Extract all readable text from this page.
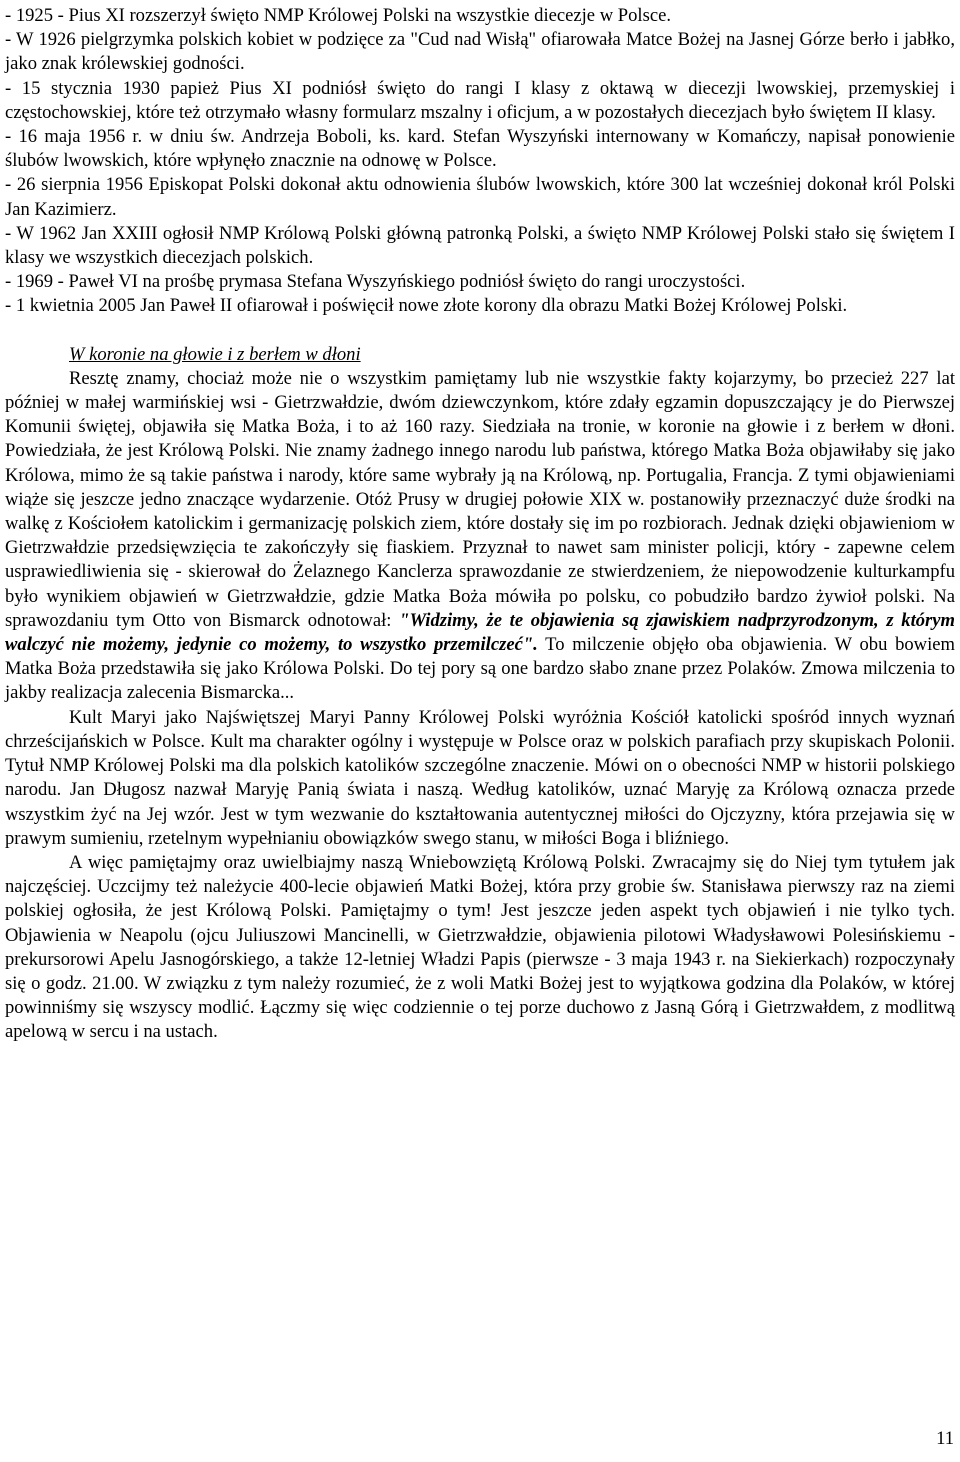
- 1925 - Pius XI rozszerzył święto NMP Królowej Polski na wszystkie diecezje w Polsce.

- W 1926 pielgrzymka polskich kobiet w podzięce za "Cud nad Wisłą" ofiarowała Matce Bożej na Jasnej Górze berło i jabłko, jako znak królewskiej godności.

- 15 stycznia 1930 papież Pius XI podniósł święto do rangi I klasy z oktawą w diecezji lwowskiej, przemyskiej i częstochowskiej, które też otrzymało własny formularz mszalny i oficjum, a w pozostałych diecezjach było świętem II klasy.

- 16 maja 1956 r. w dniu św. Andrzeja Boboli, ks. kard. Stefan Wyszyński internowany w Komańczy, napisał ponowienie ślubów lwowskich, które wpłynęło znacznie na odnowę w Polsce.

- 26 sierpnia 1956 Episkopat Polski dokonał aktu odnowienia ślubów lwowskich, które 300 lat wcześniej dokonał król Polski Jan Kazimierz.

- W 1962 Jan XXIII ogłosił NMP Królową Polski główną patronką Polski, a święto NMP Królowej Polski stało się świętem I klasy we wszystkich diecezjach polskich.

- 1969 - Paweł VI na prośbę prymasa Stefana Wyszyńskiego podniósł święto do rangi uroczystości.

- 1 kwietnia 2005 Jan Paweł II ofiarował i poświęcił nowe złote korony dla obrazu Matki Bożej Królowej Polski.

W koronie na głowie i z berłem w dłoni

Resztę znamy, chociaż może nie o wszystkim pamiętamy lub nie wszystkie fakty kojarzymy, bo przecież 227 lat później w małej warmińskiej wsi - Gietrzwałdzie, dwóm dziewczynkom, które zdały egzamin dopuszczający je do Pierwszej Komunii świętej, objawiła się Matka Boża, i to aż 160 razy. Siedziała na tronie, w koronie na głowie i z berłem w dłoni. Powiedziała, że jest Królową Polski. Nie znamy żadnego innego narodu lub państwa, którego Matka Boża objawiłaby się jako Królowa, mimo że są takie państwa i narody, które same wybrały ją na Królową, np. Portugalia, Francja. Z tymi objawieniami wiąże się jeszcze jedno znaczące wydarzenie. Otóż Prusy w drugiej połowie XIX w. postanowiły przeznaczyć duże środki na walkę z Kościołem katolickim i germanizację polskich ziem, które dostały się im po rozbiorach. Jednak dzięki objawieniom w Gietrzwałdzie przedsięwzięcia te zakończyły się fiaskiem. Przyznał to nawet sam minister policji, który - zapewne celem usprawiedliwienia się - skierował do Żelaznego Kanclerza sprawozdanie ze stwierdzeniem, że niepowodzenie kulturkampfu było wynikiem objawień w Gietrzwałdzie, gdzie Matka Boża mówiła po polsku, co pobudziło bardzo żywioł polski. Na sprawozdaniu tym Otto von Bismarck odnotował: "Widzimy, że te objawienia są zjawiskiem nadprzyrodzonym, z którym walczyć nie możemy, jedynie co możemy, to wszystko przemilczeć". To milczenie objęło oba objawienia. W obu bowiem Matka Boża przedstawiła się jako Królowa Polski. Do tej pory są one bardzo słabo znane przez Polaków. Zmowa milczenia to jakby realizacja zalecenia Bismarcka...

Kult Maryi jako Najświętszej Maryi Panny Królowej Polski wyróżnia Kościół katolicki spośród innych wyznań chrześcijańskich w Polsce. Kult ma charakter ogólny i występuje w Polsce oraz w polskich parafiach przy skupiskach Polonii. Tytuł NMP Królowej Polski ma dla polskich katolików szczególne znaczenie. Mówi on o obecności NMP w historii polskiego narodu. Jan Długosz nazwał Maryję Panią świata i naszą. Według katolików, uznać Maryję za Królową oznacza przede wszystkim żyć na Jej wzór. Jest w tym wezwanie do kształtowania autentycznej miłości do Ojczyzny, która przejawia się w prawym sumieniu, rzetelnym wypełnianiu obowiązków swego stanu, w miłości Boga i bliźniego.

A więc pamiętajmy oraz uwielbiajmy naszą Wniebowziętą Królową Polski. Zwracajmy się do Niej tym tytułem jak najczęściej. Uczcijmy też należycie 400-lecie objawień Matki Bożej, która przy grobie św. Stanisława pierwszy raz na ziemi polskiej ogłosiła, że jest Królową Polski. Pamiętajmy o tym! Jest jeszcze jeden aspekt tych objawień i nie tylko tych. Objawienia w Neapolu (ojcu Juliuszowi Mancinelli, w Gietrzwałdzie, objawienia pilotowi Władysławowi Polesińskiemu - prekursorowi Apelu Jasnogórskiego, a także 12-letniej Władzi Papis (pierwsze - 3 maja 1943 r. na Siekierkach) rozpoczynały się o godz. 21.00. W związku z tym należy rozumieć, że z woli Matki Bożej jest to wyjątkowa godzina dla Polaków, w której powinniśmy się wszyscy modlić. Łączmy się więc codziennie o tej porze duchowo z Jasną Górą i Gietrzwałdem, z modlitwą apelową w sercu i na ustach.

11
